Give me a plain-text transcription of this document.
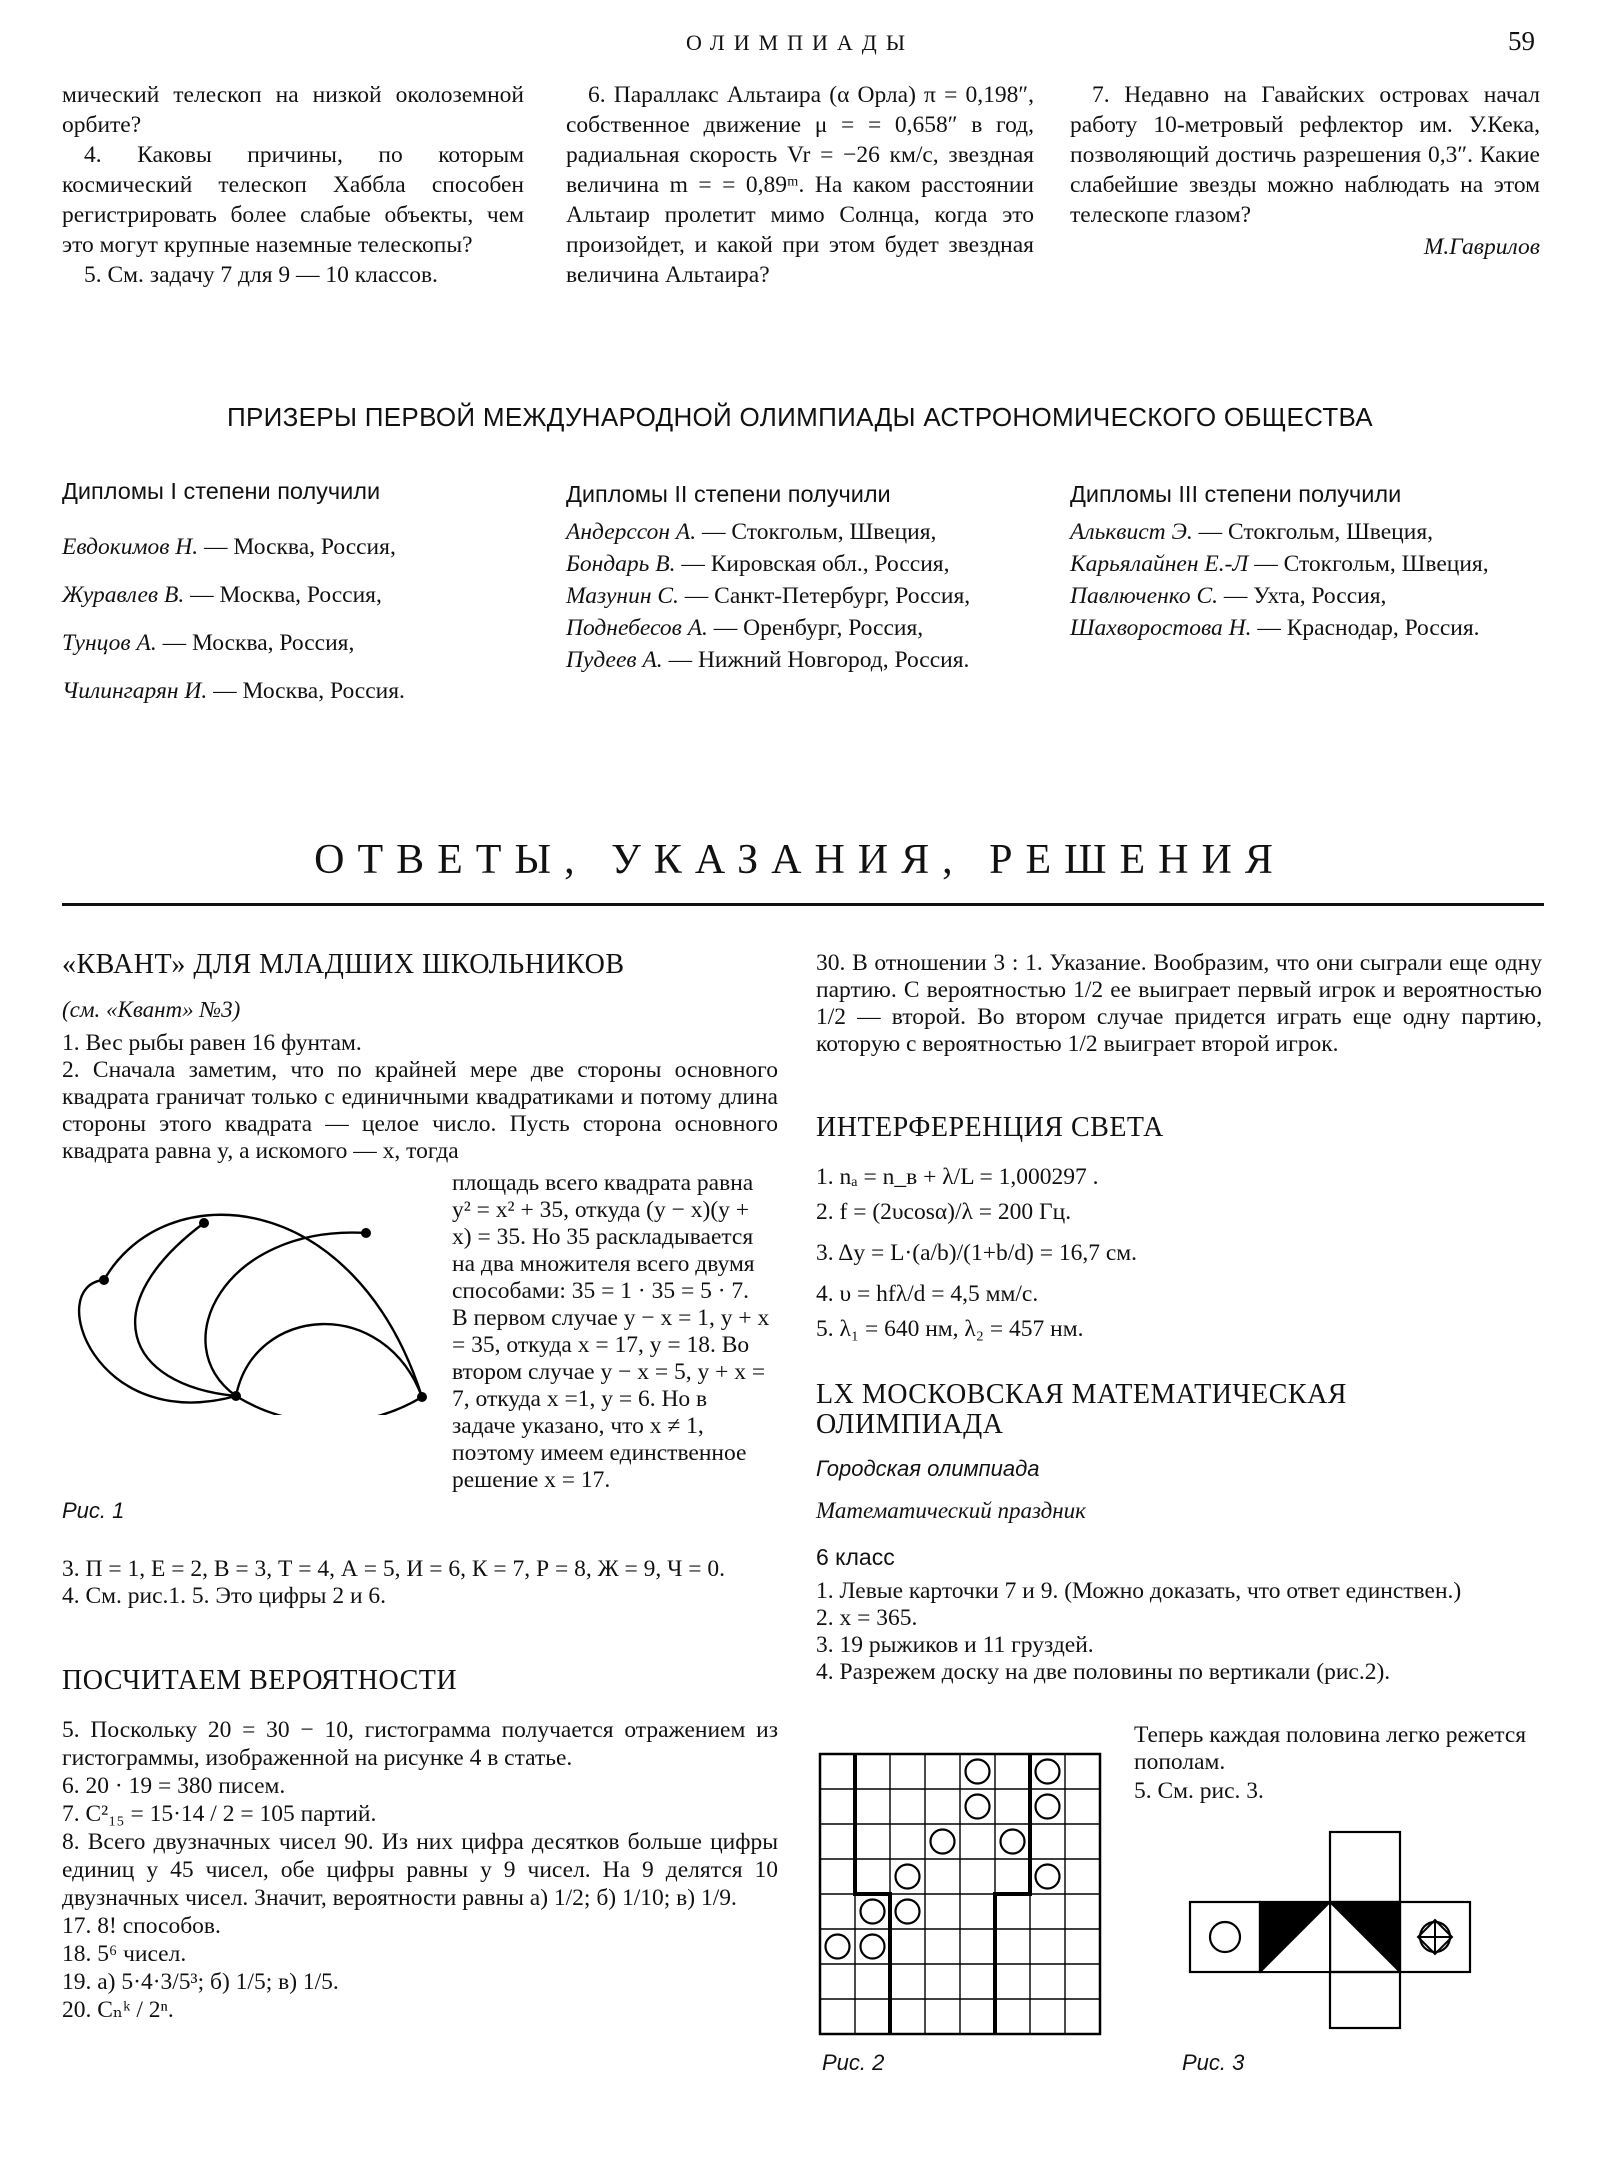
ОЛИМПИАДЫ	59

мический телескоп на низкой околоземной орбите?

4. Каковы причины, по которым космический телескоп Хаббла способен регистрировать более слабые объекты, чем это могут крупные наземные телескопы?

5. См. задачу 7 для 9 — 10 классов.

6. Параллакс Альтаира (α Орла) π = 0,198″, собственное движение μ = = 0,658″ в год, радиальная скорость Vr = −26 км/с, звездная величина m = = 0,89ᵐ. На каком расстоянии Альтаир пролетит мимо Солнца, когда это произойдет, и какой при этом будет звездная величина Альтаира?

7. Недавно на Гавайских островах начал работу 10-метровый рефлектор им. У.Кека, позволяющий достичь разрешения 0,3″. Какие слабейшие звезды можно наблюдать на этом телескопе глазом?

М.Гаврилов

ПРИЗЕРЫ ПЕРВОЙ МЕЖДУНАРОДНОЙ ОЛИМПИАДЫ АСТРОНОМИЧЕСКОГО ОБЩЕСТВА
Дипломы I степени получили
Евдокимов Н. — Москва, Россия,
Журавлев В. — Москва, Россия,
Тунцов А. — Москва, Россия,
Чилингарян И. — Москва, Россия.
Дипломы II степени получили
Андерссон А. — Стокгольм, Швеция,
Бондарь В. — Кировская обл., Россия,
Мазунин С. — Санкт-Петербург, Россия,
Поднебесов А. — Оренбург, Россия,
Пудеев А. — Нижний Новгород, Россия.
Дипломы III степени получили
Альквист Э. — Стокгольм, Швеция,
Карьялайнен Е.-Л — Стокгольм, Швеция,
Павлюченко С. — Ухта, Россия,
Шахворостова Н. — Краснодар, Россия.
ОТВЕТЫ, УКАЗАНИЯ, РЕШЕНИЯ
«КВАНТ» ДЛЯ МЛАДШИХ ШКОЛЬНИКОВ
(см. «Квант» №3)

1. Вес рыбы равен 16 фунтам.

2. Сначала заметим, что по крайней мере две стороны основного квадрата граничат только с единичными квадратиками и потому длина стороны этого квадрата — целое число. Пусть сторона основного квадрата равна y, а искомого — x, тогда

площадь всего квадрата равна y² = x² + 35, откуда (y − x)(y + x) = 35. Но 35 раскладывается на два множителя всего двумя способами: 35 = 1 · 35 = 5 · 7. В первом случае y − x = 1, y + x = 35, откуда x = 17, y = 18. Во втором случае y − x = 5, y + x = 7, откуда x =1, y = 6. Но в задаче указано, что x ≠ 1, поэтому имеем единственное решение x = 17.
Рис. 1

3. П = 1, Е = 2, В = 3, Т = 4, А = 5, И = 6, К = 7, Р = 8, Ж = 9, Ч = 0.

4. См. рис.1. 5. Это цифры 2 и 6.

ПОСЧИТАЕМ ВЕРОЯТНОСТИ

5. Поскольку 20 = 30 − 10, гистограмма получается отражением из гистограммы, изображенной на рисунке 4 в статье.

6. 20 · 19 = 380 писем.

7. C²₁₅ = 15·14 / 2 = 105 партий.

8. Всего двузначных чисел 90. Из них цифра десятков больше цифры единиц у 45 чисел, обе цифры равны у 9 чисел. На 9 делятся 10 двузначных чисел. Значит, вероятности равны а) 1/2; б) 1/10; в) 1/9.

17. 8! способов.

18. 5⁶ чисел.

19. а) 5·4·3/5³; б) 1/5; в) 1/5.

20. Cₙᵏ / 2ⁿ.

30. В отношении 3 : 1. Указание. Вообразим, что они сыграли еще одну партию. С вероятностью 1/2 ее выиграет первый игрок и вероятностью 1/2 — второй. Во втором случае придется играть еще одну партию, которую с вероятностью 1/2 выиграет второй игрок.
ИНТЕРФЕРЕНЦИЯ СВЕТА

1. nₐ = n_в + λ/L = 1,000297 .

2. f = (2υcosα)/λ = 200 Гц.

3. Δy = L·(a/b)/(1+b/d) = 16,7 см.

4. υ = hfλ/d = 4,5 мм/с.

5. λ₁ = 640 нм, λ₂ = 457 нм.

LX МОСКОВСКАЯ МАТЕМАТИЧЕСКАЯ ОЛИМПИАДА
Городская олимпиада
Математический праздник
6 класс

1. Левые карточки 7 и 9. (Можно доказать, что ответ единствен.)

2. x = 365.

3. 19 рыжиков и 11 груздей.

4. Разрежем доску на две половины по вертикали (рис.2).

Теперь каждая половина легко режется пополам.
5. См. рис. 3.
Рис. 2	Рис. 3
